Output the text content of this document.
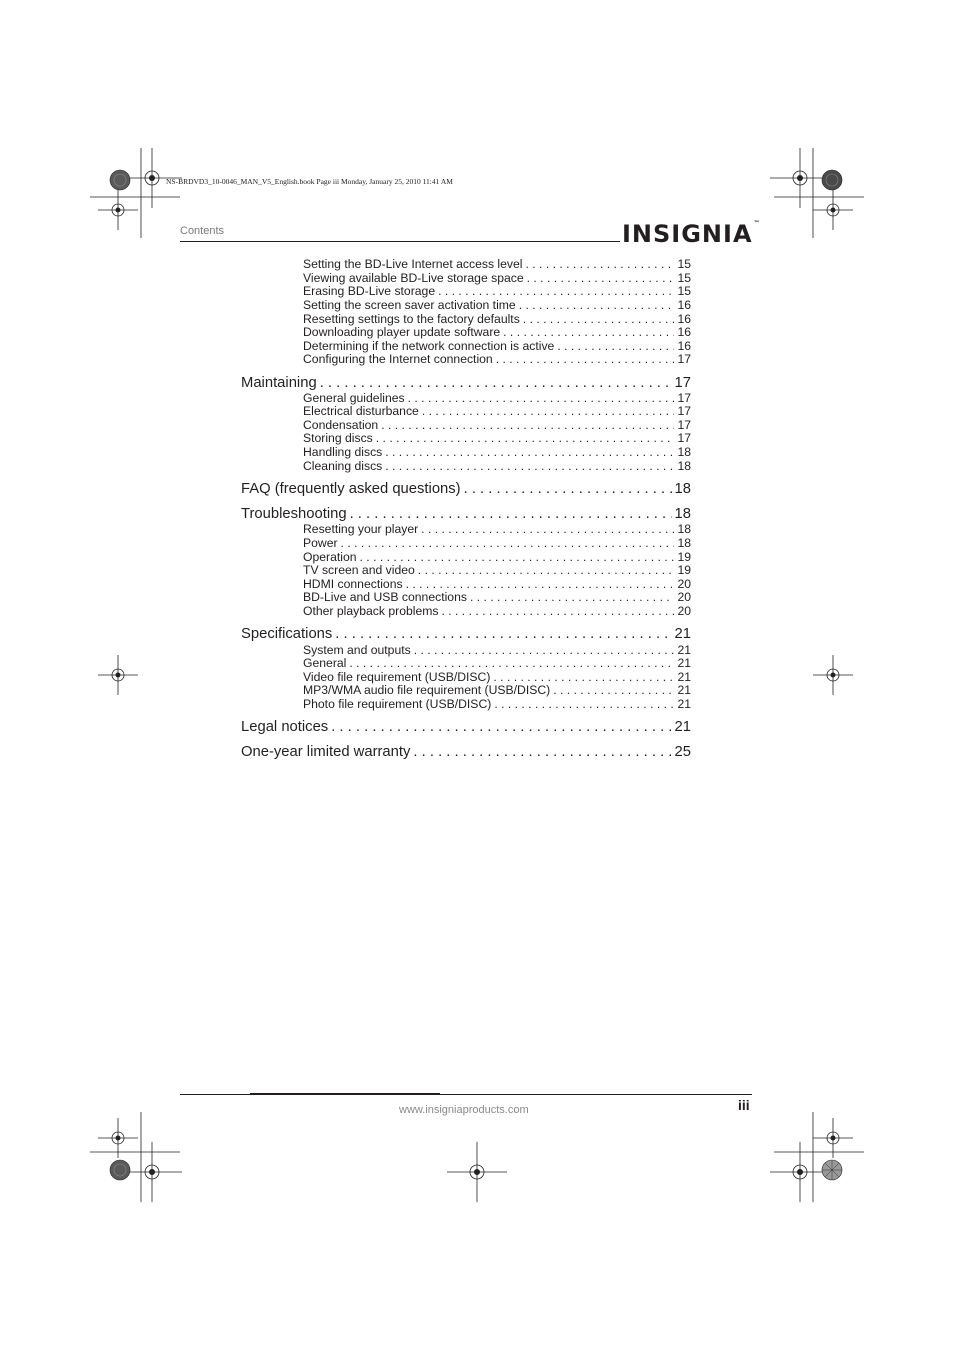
NS-BRDVD3_10-0046_MAN_V5_English.book Page iii Monday, January 25, 2010 11:41 AM
Contents	INSIGNIA™
Setting the BD-Live Internet access level . . .	15
Viewing available BD-Live storage space . . .	15
Erasing BD-Live storage . . .	15
Setting the screen saver activation time . . .	16
Resetting settings to the factory defaults . . .	16
Downloading player update software . . .	16
Determining if the network connection is active . . .	16
Configuring the Internet connection . . .	17
Maintaining . . .	17
General guidelines . . .	17
Electrical disturbance . . .	17
Condensation . . .	17
Storing discs . . .	17
Handling discs . . .	18
Cleaning discs . . .	18
FAQ (frequently asked questions) . . .	18
Troubleshooting . . .	18
Resetting your player . . .	18
Power . . .	18
Operation . . .	19
TV screen and video . . .	19
HDMI connections . . .	20
BD-Live and USB connections . . .	20
Other playback problems . . .	20
Specifications . . .	21
System and outputs . . .	21
General . . .	21
Video file requirement (USB/DISC) . . .	21
MP3/WMA audio file requirement (USB/DISC) . . .	21
Photo file requirement (USB/DISC) . . .	21
Legal notices . . .	21
One-year limited warranty . . .	25
www.insigniaproducts.com	iii
